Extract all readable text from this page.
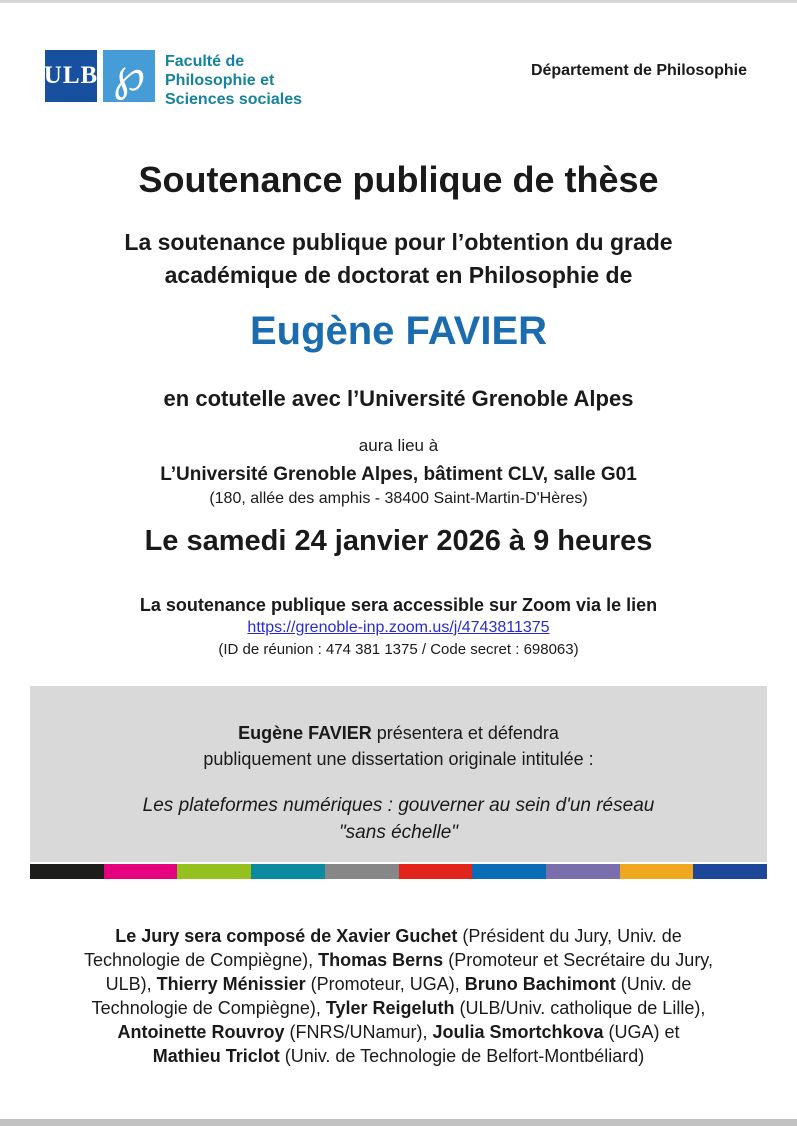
ULB ℘ Faculté de
Philosophie et
Sciences sociales
Département de Philosophie
Soutenance publique de thèse
La soutenance publique pour l’obtention du grade académique de doctorat en Philosophie de
Eugène FAVIER
en cotutelle avec l’Université Grenoble Alpes
aura lieu à
L’Université Grenoble Alpes, bâtiment CLV, salle G01
(180, allée des amphis - 38400 Saint-Martin-D'Hères)
Le samedi 24 janvier 2026 à 9 heures
La soutenance publique sera accessible sur Zoom via le lien
https://grenoble-inp.zoom.us/j/4743811375
(ID de réunion : 474 381 1375 / Code secret : 698063)
Eugène FAVIER présentera et défendra
publiquement une dissertation originale intitulée :
Les plateformes numériques : gouverner au sein d'un réseau
"sans échelle"
Le Jury sera composé de Xavier Guchet (Président du Jury, Univ. de
Technologie de Compiègne), Thomas Berns (Promoteur et Secrétaire du Jury,
ULB), Thierry Ménissier (Promoteur, UGA), Bruno Bachimont (Univ. de
Technologie de Compiègne), Tyler Reigeluth (ULB/Univ. catholique de Lille),
Antoinette Rouvroy (FNRS/UNamur), Joulia Smortchkova (UGA) et
Mathieu Triclot (Univ. de Technologie de Belfort-Montbéliard)
